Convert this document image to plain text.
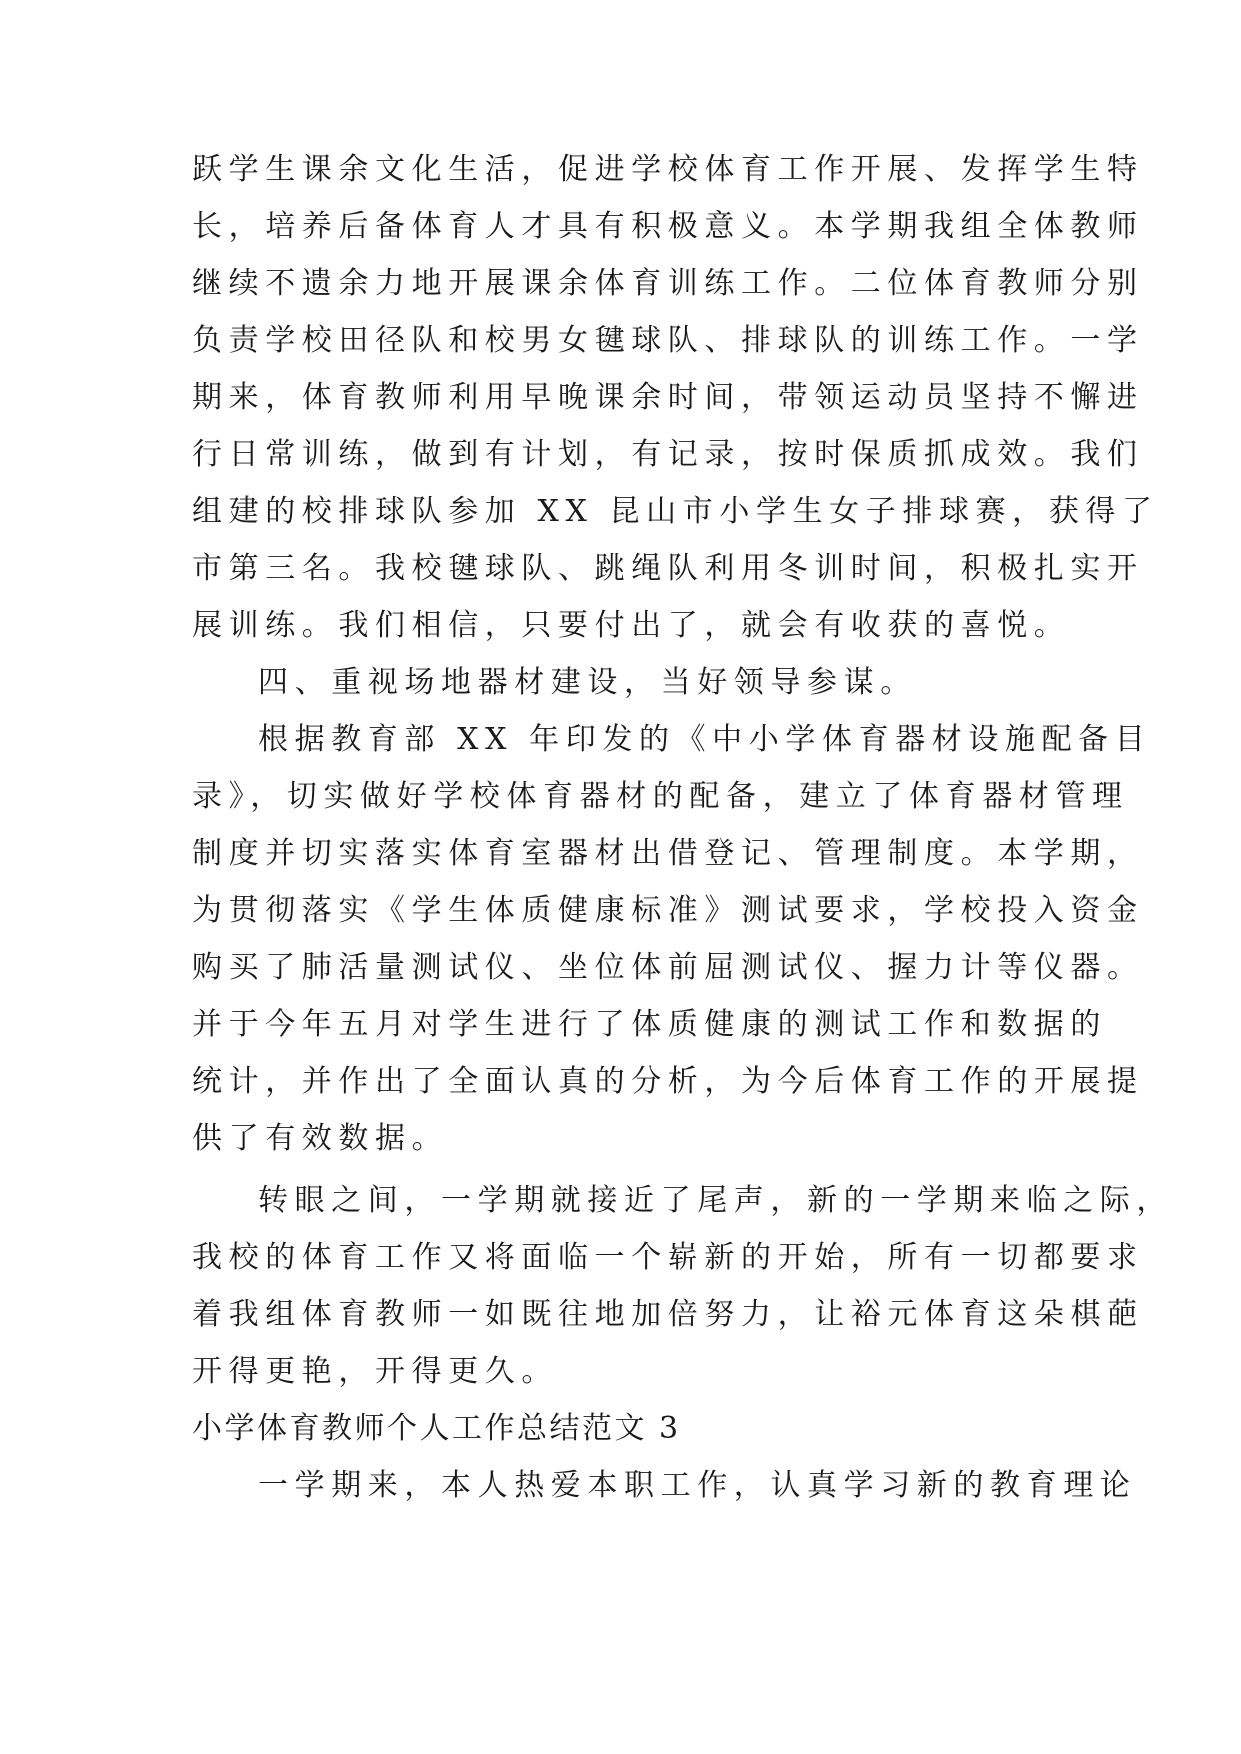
跃学生课余文化生活，促进学校体育工作开展、发挥学生特
长，培养后备体育人才具有积极意义。本学期我组全体教师
继续不遗余力地开展课余体育训练工作。二位体育教师分别
负责学校田径队和校男女毽球队、排球队的训练工作。一学
期来，体育教师利用早晚课余时间，带领运动员坚持不懈进
行日常训练，做到有计划，有记录，按时保质抓成效。我们
组建的校排球队参加 XX 昆山市小学生女子排球赛，获得了
市第三名。我校毽球队、跳绳队利用冬训时间，积极扎实开
展训练。我们相信，只要付出了，就会有收获的喜悦。
四、重视场地器材建设，当好领导参谋。
根据教育部 XX 年印发的《中小学体育器材设施配备目
录》，切实做好学校体育器材的配备，建立了体育器材管理
制度并切实落实体育室器材出借登记、管理制度。本学期，
为贯彻落实《学生体质健康标准》测试要求，学校投入资金
购买了肺活量测试仪、坐位体前屈测试仪、握力计等仪器。
并于今年五月对学生进行了体质健康的测试工作和数据的
统计，并作出了全面认真的分析，为今后体育工作的开展提
供了有效数据。
转眼之间，一学期就接近了尾声，新的一学期来临之际，
我校的体育工作又将面临一个崭新的开始，所有一切都要求
着我组体育教师一如既往地加倍努力，让裕元体育这朵棋葩
开得更艳，开得更久。
小学体育教师个人工作总结范文 3
一学期来，本人热爱本职工作，认真学习新的教育理论
